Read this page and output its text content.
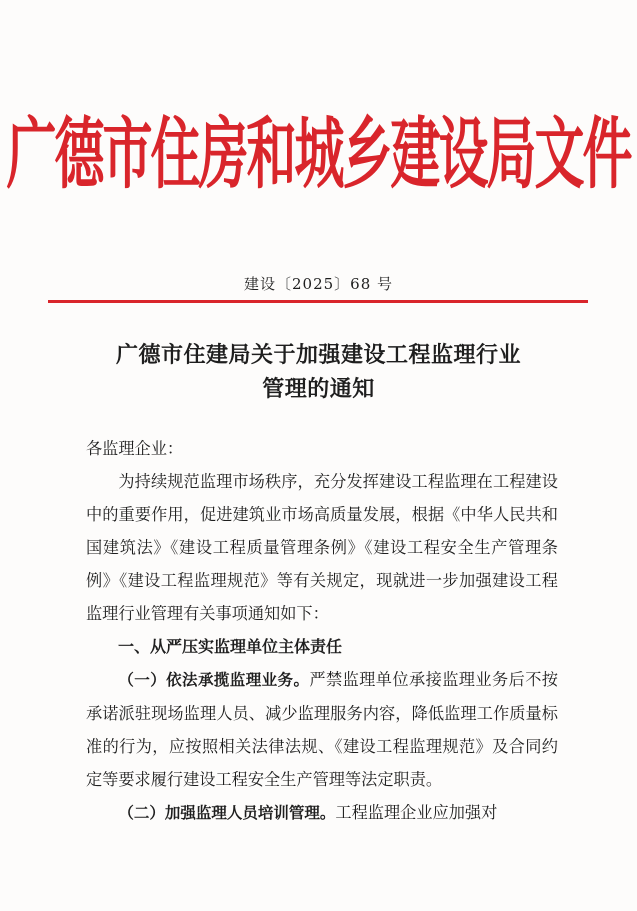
广德市住房和城乡建设局文件
建设〔2025〕68 号
广德市住建局关于加强建设工程监理行业
管理的通知

各监理企业：

为持续规范监理市场秩序，充分发挥建设工程监理在工程建设中的重要作用，促进建筑业市场高质量发展，根据《中华人民共和国建筑法》《建设工程质量管理条例》《建设工程安全生产管理条例》《建设工程监理规范》等有关规定，现就进一步加强建设工程监理行业管理有关事项通知如下：

一、从严压实监理单位主体责任

（一）依法承揽监理业务。严禁监理单位承接监理业务后不按承诺派驻现场监理人员、减少监理服务内容，降低监理工作质量标准的行为，应按照相关法律法规、《建设工程监理规范》及合同约定等要求履行建设工程安全生产管理等法定职责。

（二）加强监理人员培训管理。工程监理企业应加强对
